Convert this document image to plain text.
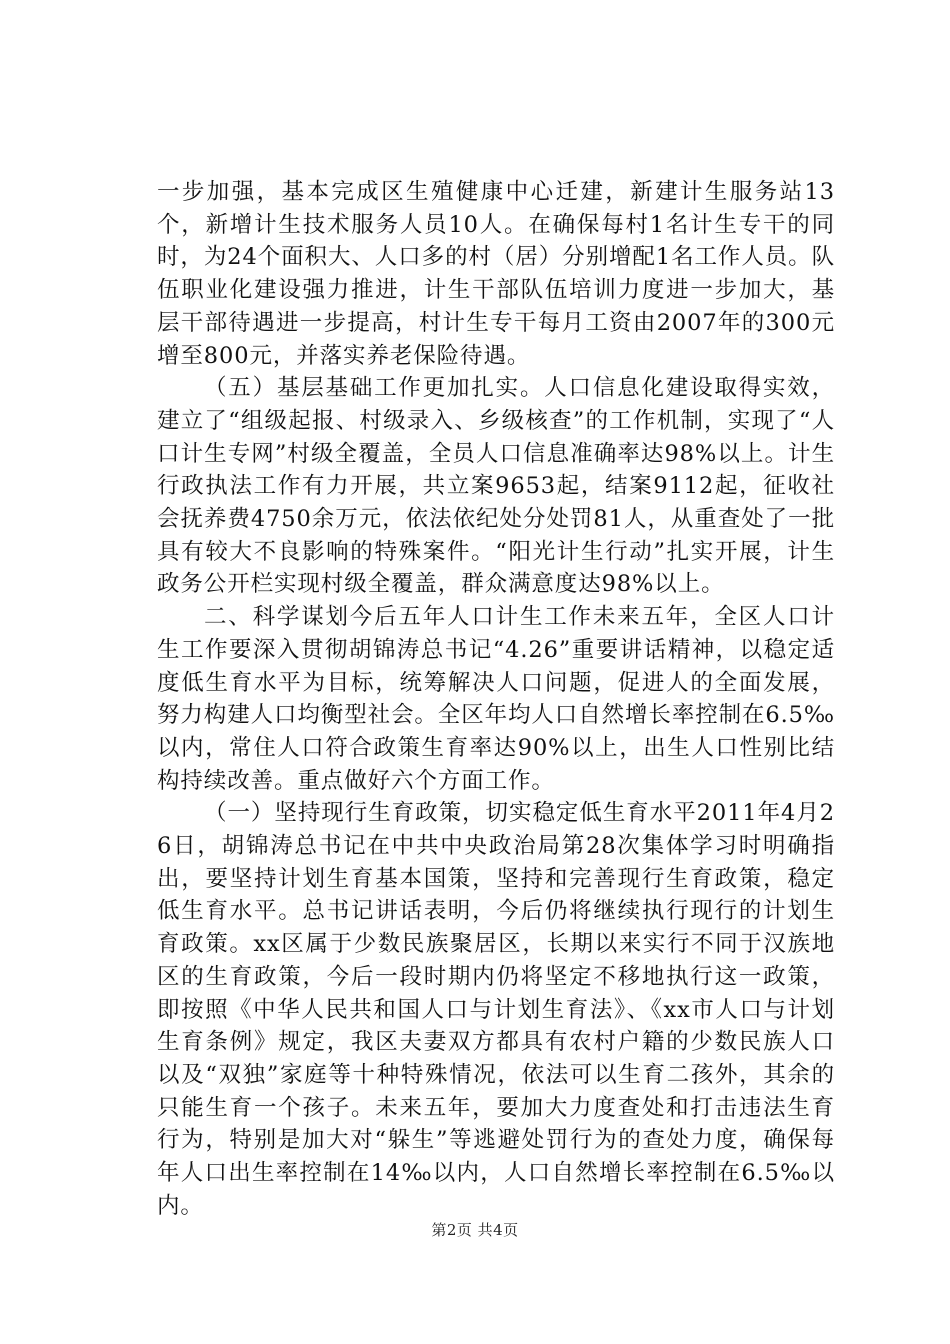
一步加强，基本完成区生殖健康中心迁建，新建计生服务站13个，新增计生技术服务人员10人。在确保每村1名计生专干的同时，为24个面积大、人口多的村（居）分别增配1名工作人员。队伍职业化建设强力推进，计生干部队伍培训力度进一步加大，基层干部待遇进一步提高，村计生专干每月工资由2007年的300元增至800元，并落实养老保险待遇。

（五）基层基础工作更加扎实。人口信息化建设取得实效，建立了“组级起报、村级录入、乡级核查”的工作机制，实现了“人口计生专网”村级全覆盖，全员人口信息准确率达98%以上。计生行政执法工作有力开展，共立案9653起，结案9112起，征收社会抚养费4750余万元，依法依纪处分处罚81人，从重查处了一批具有较大不良影响的特殊案件。“阳光计生行动”扎实开展，计生政务公开栏实现村级全覆盖，群众满意度达98%以上。

二、科学谋划今后五年人口计生工作未来五年，全区人口计生工作要深入贯彻胡锦涛总书记“4.26”重要讲话精神，以稳定适度低生育水平为目标，统筹解决人口问题，促进人的全面发展，努力构建人口均衡型社会。全区年均人口自然增长率控制在6.5‰以内，常住人口符合政策生育率达90%以上，出生人口性别比结构持续改善。重点做好六个方面工作。

（一）坚持现行生育政策，切实稳定低生育水平2011年4月26日，胡锦涛总书记在中共中央政治局第28次集体学习时明确指出，要坚持计划生育基本国策，坚持和完善现行生育政策，稳定低生育水平。总书记讲话表明，今后仍将继续执行现行的计划生育政策。xx区属于少数民族聚居区，长期以来实行不同于汉族地区的生育政策，今后一段时期内仍将坚定不移地执行这一政策，即按照《中华人民共和国人口与计划生育法》、《xx市人口与计划生育条例》规定，我区夫妻双方都具有农村户籍的少数民族人口以及“双独”家庭等十种特殊情况，依法可以生育二孩外，其余的只能生育一个孩子。未来五年，要加大力度查处和打击违法生育行为，特别是加大对“躲生”等逃避处罚行为的查处力度，确保每年人口出生率控制在14‰以内，人口自然增长率控制在6.5‰以内。

第2页 共4页
